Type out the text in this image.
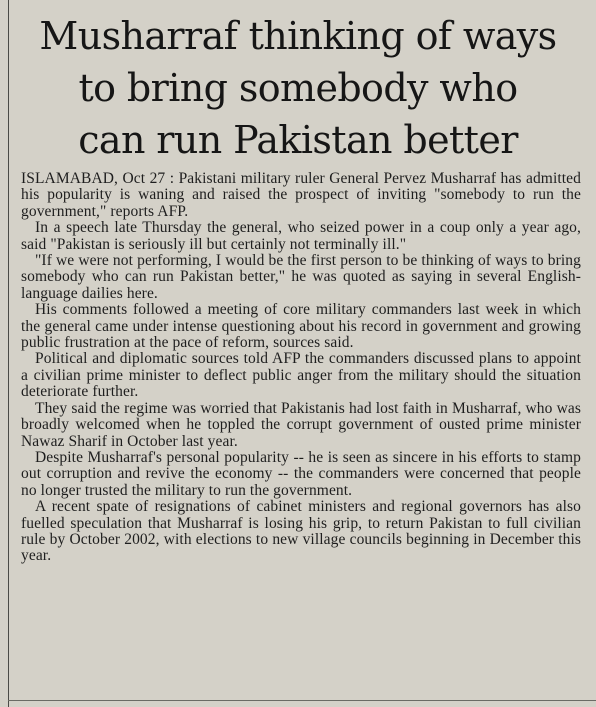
Musharraf thinking of ways
to bring somebody who
can run Pakistan better

ISLAMABAD, Oct 27 : Pakistani military ruler General Pervez Musharraf has admitted his popularity is waning and raised the prospect of inviting "somebody to run the government," reports AFP.

In a speech late Thursday the general, who seized power in a coup only a year ago, said "Pakistan is seriously ill but certainly not terminally ill."

"If we were not performing, I would be the first person to be thinking of ways to bring somebody who can run Pakistan better," he was quoted as saying in several English-language dailies here.

His comments followed a meeting of core military commanders last week in which the general came under intense questioning about his record in government and growing public frustration at the pace of reform, sources said.

Political and diplomatic sources told AFP the commanders discussed plans to appoint a civilian prime minister to deflect public anger from the military should the situation deteriorate further.

They said the regime was worried that Pakistanis had lost faith in Musharraf, who was broadly welcomed when he toppled the corrupt government of ousted prime minister Nawaz Sharif in October last year.

Despite Musharraf's personal popularity -- he is seen as sincere in his efforts to stamp out corruption and revive the economy -- the commanders were concerned that people no longer trusted the military to run the government.

A recent spate of resignations of cabinet ministers and regional governors has also fuelled speculation that Musharraf is losing his grip, to return Pakistan to full civilian rule by October 2002, with elections to new village councils beginning in December this year.
